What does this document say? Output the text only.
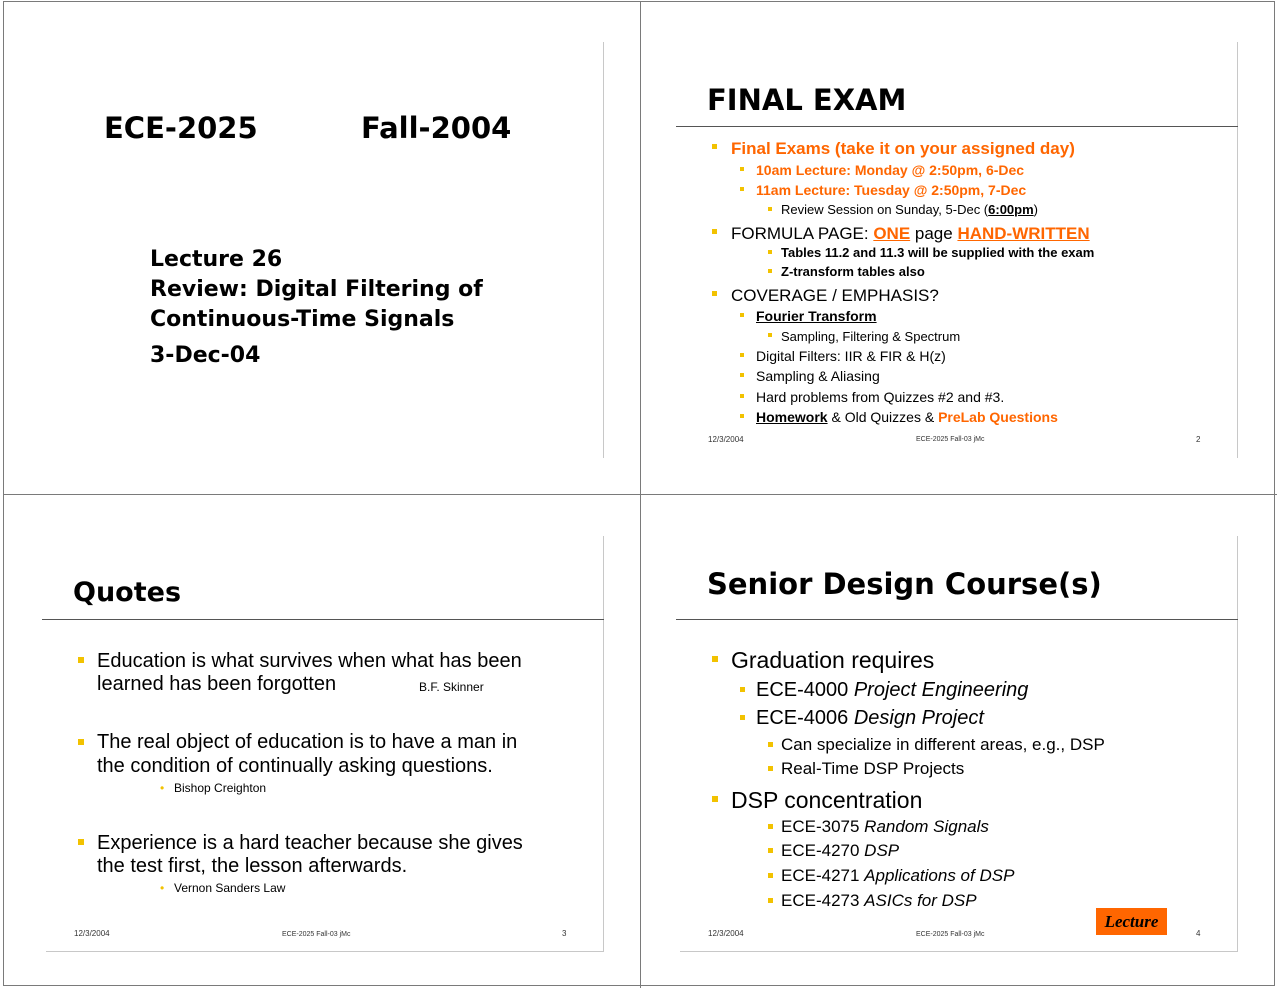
ECE-2025	Fall-2004
Lecture 26
Review: Digital Filtering of
Continuous-Time Signals
3-Dec-04
FINAL EXAM
Final Exams (take it on your assigned day)
10am Lecture: Monday @ 2:50pm, 6-Dec
11am Lecture: Tuesday @ 2:50pm, 7-Dec
Review Session on Sunday, 5-Dec (6:00pm)
FORMULA PAGE: ONE page HAND-WRITTEN
Tables 11.2 and 11.3 will be supplied with the exam
Z-transform tables also
COVERAGE / EMPHASIS?
Fourier Transform
Sampling, Filtering & Spectrum
Digital Filters: IIR & FIR & H(z)
Sampling & Aliasing
Hard problems from Quizzes #2 and #3.
Homework & Old Quizzes & PreLab Questions
12/3/2004	ECE-2025 Fall-03 jMc	2
Quotes
Education is what survives when what has been
learned has been forgotten	B.F. Skinner
The real object of education is to have a man in
the condition of continually asking questions.
• Bishop Creighton
Experience is a hard teacher because she gives
the test first, the lesson afterwards.
• Vernon Sanders Law
12/3/2004	ECE-2025 Fall-03 jMc	3
Senior Design Course(s)
Graduation requires
ECE-4000 Project Engineering
ECE-4006 Design Project
Can specialize in different areas, e.g., DSP
Real-Time DSP Projects
DSP concentration
ECE-3075 Random Signals
ECE-4270 DSP
ECE-4271 Applications of DSP
ECE-4273 ASICs for DSP
Lecture
12/3/2004	ECE-2025 Fall-03 jMc	4
